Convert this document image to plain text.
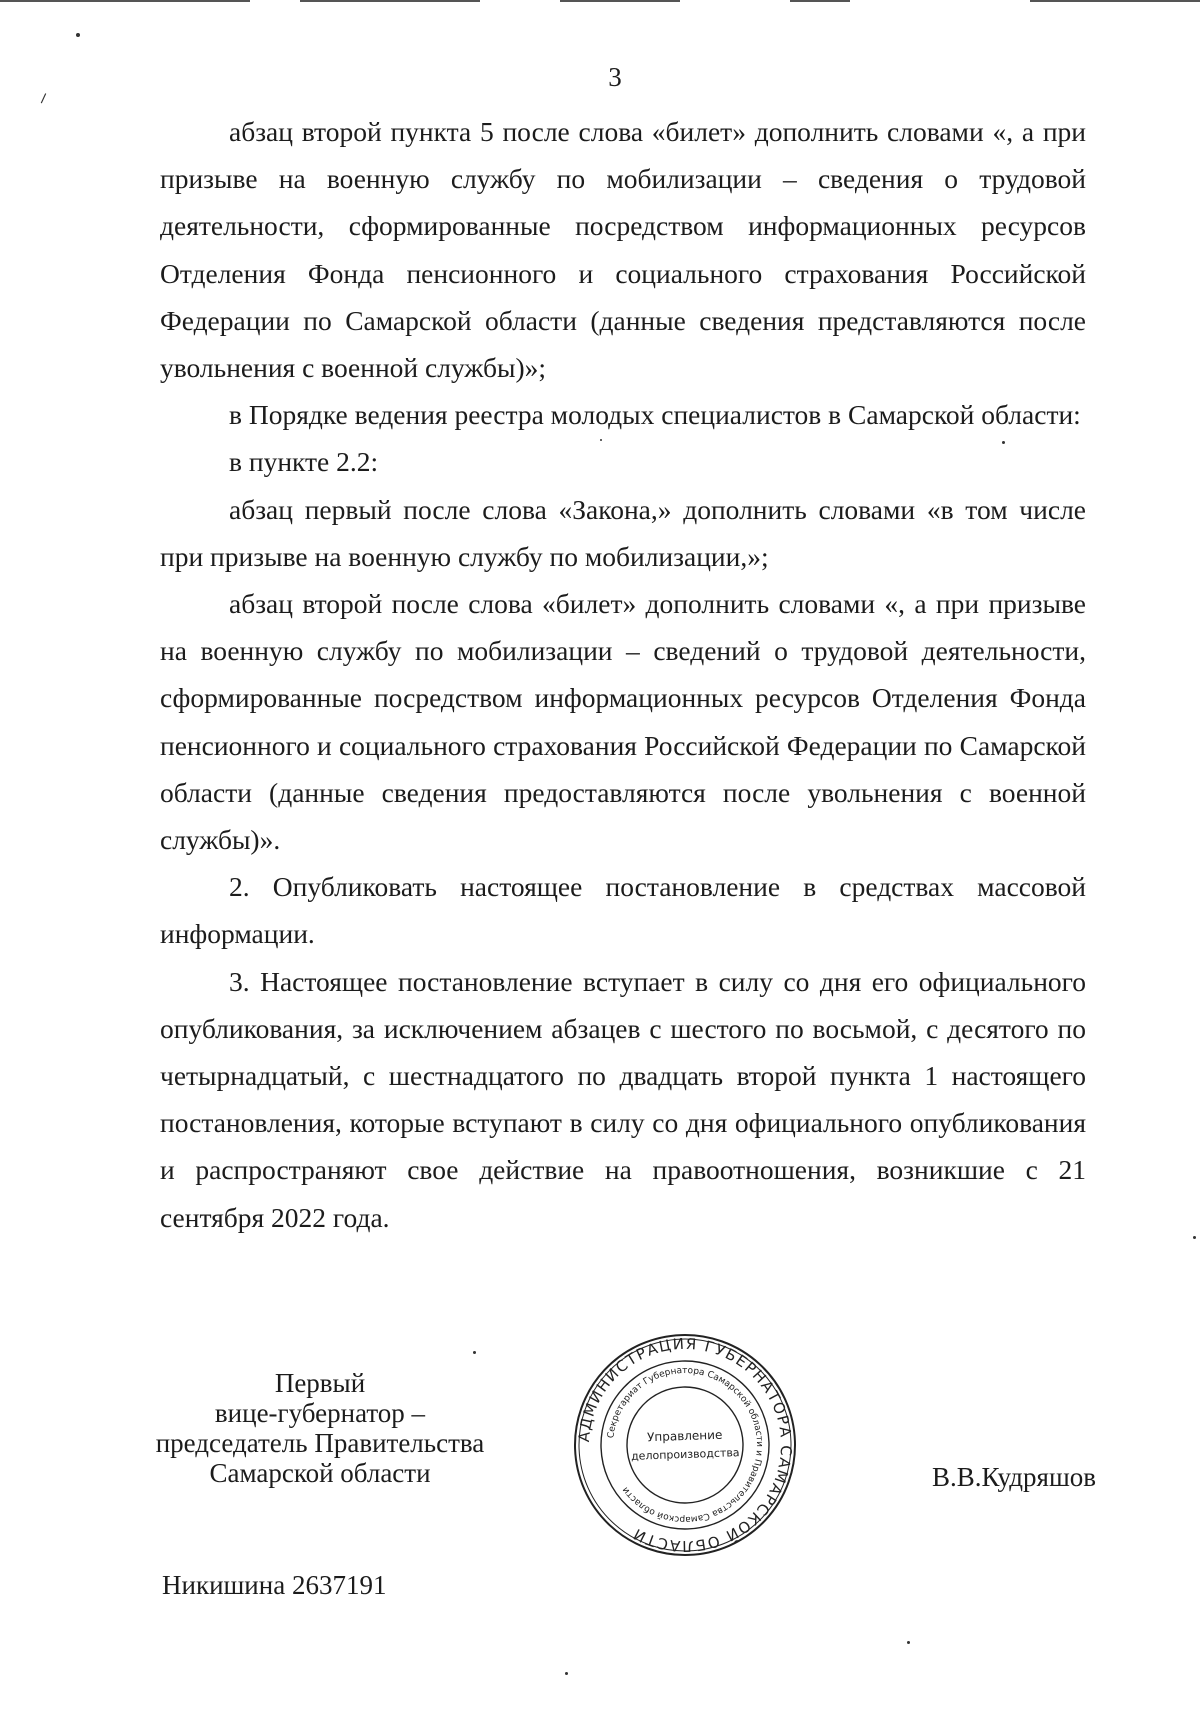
⸝
3

абзац второй пункта 5 после слова «билет» дополнить словами «, а при призыве на военную службу по мобилизации – сведения о трудовой деятельности, сформированные посредством информационных ресурсов Отделения Фонда пенсионного и социального страхования Российской Федерации по Самарской области (данные сведения представляются после увольнения с военной службы)»;

в Порядке ведения реестра молодых специалистов в Самарской области:

в пункте 2.2:

абзац первый после слова «Закона,» дополнить словами «в том числе при призыве на военную службу по мобилизации,»;

абзац второй после слова «билет» дополнить словами «, а при призыве на военную службу по мобилизации – сведений о трудовой деятельности, сформированные посредством информационных ресурсов Отделения Фонда пенсионного и социального страхования Российской Федерации по Самарской области (данные сведения предоставляются после увольнения с военной службы)».

2. Опубликовать настоящее постановление в средствах массовой информации.

3. Настоящее постановление вступает в силу со дня его официального опубликования, за исключением абзацев с шестого по восьмой, с десятого по четырнадцатый, с шестнадцатого по двадцать второй пункта 1 настоящего постановления, которые вступают в силу со дня официального опубликования и распространяют свое действие на правоотношения, возникшие с 21 сентября 2022 года.

Первый
вице-губернатор –
председатель Правительства
Самарской области
АДМИНИСТРАЦИЯ ГУБЕРНАТОРА САМАРСКОЙ ОБЛАСТИ
Секретариат Губернатора Самарской области и Правительства Самарской области
Управление
делопроизводства
В.В.Кудряшов
Никишина 2637191
